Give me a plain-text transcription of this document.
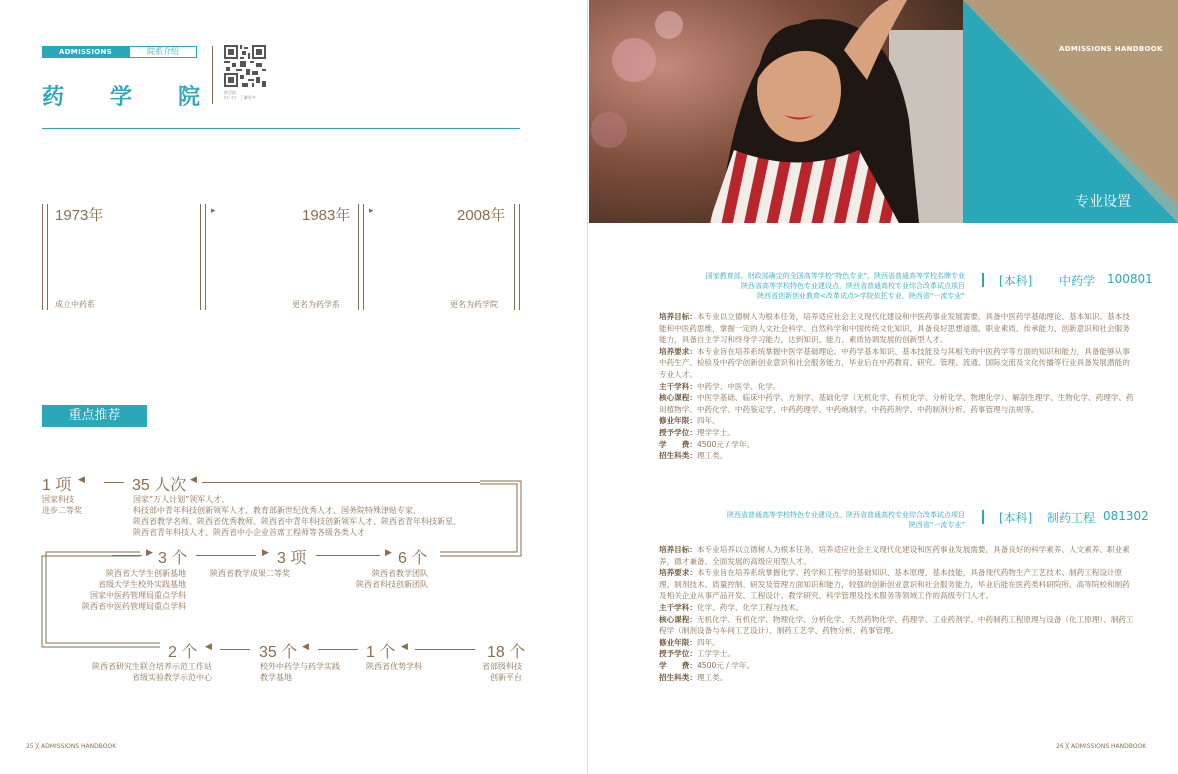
ADMISSIONS HANDBOOK
院系介绍
药 学 院	药学院
扫一扫 · 了解更多
1973年
成立中药系
▸	1983年
更名为药学系
▸	2008年
更名为药学院
重点推荐
1 项 ◀	35 人次 ◀
国家科技
进步二等奖
国家“万人计划”领军人才、
科技部中青年科技创新领军人才、教育部新世纪优秀人才、国务院特殊津贴专家、
陕西省教学名师、陕西省优秀教师、陕西省中青年科技创新领军人才、陕西省青年科技新星、
陕西省青年科技人才、陕西省中小企业首席工程师等各级各类人才
▶ 3 个	▶ 3 项	▶ 6 个
陕西省大学生创新基地
省级大学生校外实践基地
国家中医药管理局重点学科
陕西省中医药管理局重点学科
陕西省教学成果二等奖	陕西省教学团队
陕西省科技创新团队
2 个 ◀	35 个 ◀	1 个 ◀	18 个
陕西省研究生联合培养示范工作站
省级实验教学示范中心
校外中药学与药学实践
教学基地
陕西省优势学科	省部级科技
创新平台
25 ╳ ADMISSIONS HANDBOOK
ADMISSIONS HANDBOOK
专业设置
国家教育部、财政部确定的全国高等学校“特色专业”，陕西省普通高等学校名牌专业
陕西省高等学校特色专业建设点，陕西省普通高校专业综合改革试点项目
陕西省创新创业教育<改革试点>学院依托专业，陕西省“一流专业”
[本科] 中药学 100801
培养目标：本专业以立德树人为根本任务，培养适应社会主义现代化建设和中医药事业发展需要，具备中医药学基础理论、基本知识、基本技能和中医药思维，掌握一定的人文社会科学、自然科学和中国传统文化知识，具备良好思想道德、职业素质、传承能力、创新意识和社会服务能力，具备自主学习和终身学习能力，达到知识、能力、素质协调发展的创新型人才。
培养要求：本专业旨在培养系统掌握中医学基础理论、中药学基本知识、基本技能及与其相关的中医药学等方面的知识和能力，具备能够从事中药生产、检验及中药学创新创业意识和社会服务能力，毕业后在中药教育、研究、管理、流通、国际交流及文化传播等行业具备发展潜能的专业人才。
主干学科：中药学、中医学、化学。
核心课程：中医学基础、临床中药学、方剂学、基础化学（无机化学、有机化学、分析化学、物理化学）、解剖生理学、生物化学、药理学、药用植物学、中药化学、中药鉴定学、中药药理学、中药炮制学、中药药剂学、中药制剂分析、药事管理与法规等。
修业年限：四年。
授予学位：理学学士。
学　　费：4500元 / 学年。
招生科类：理工类。
陕西省普通高等学校特色专业建设点，陕西省普通高校专业综合改革试点项目
陕西省“一流专业”	[本科] 制药工程 081302
培养目标：本专业培养以立德树人为根本任务，培养适应社会主义现代化建设和医药事业发展需要，具备良好的科学素养、人文素养、职业素养，德才兼备、全面发展的高级应用型人才。
培养要求：本专业旨在培养系统掌握化学、药学和工程学的基础知识、基本原理、基本技能，具备现代药物生产工艺技术、制药工程设计原理、制剂技术、质量控制、研发及管理方面知识和能力，较强的创新创业意识和社会服务能力，毕业后能在医药类科研院所、高等院校和制药及相关企业从事产品开发、工程设计、教学研究、科学管理及技术服务等领域工作的高级专门人才。
主干学科：化学、药学、化学工程与技术。
核心课程：无机化学、有机化学、物理化学、分析化学、天然药物化学、药理学、工业药剂学、中药制药工程原理与设备（化工原理）、制药工程学（制剂设备与车间工艺设计）、制药工艺学、药物分析、药事管理。
修业年限：四年。
授予学位：工学学士。
学　　费：4500元 / 学年。
招生科类：理工类。
26 ╳ ADMISSIONS HANDBOOK
